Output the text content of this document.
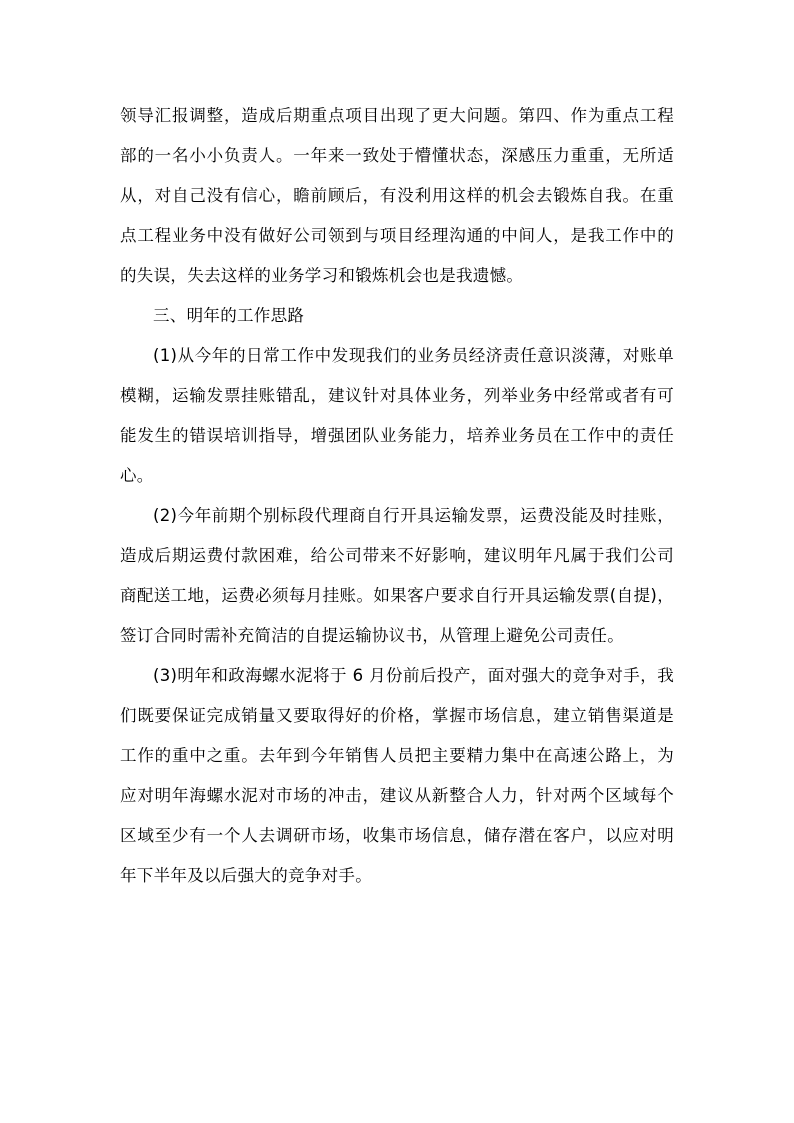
领导汇报调整，造成后期重点项目出现了更大问题。第四、作为重点工程部的一名小小负责人。一年来一致处于懵懂状态，深感压力重重，无所适从，对自己没有信心，瞻前顾后，有没利用这样的机会去锻炼自我。在重点工程业务中没有做好公司领到与项目经理沟通的中间人，是我工作中的的失误，失去这样的业务学习和锻炼机会也是我遗憾。

三、明年的工作思路

(1)从今年的日常工作中发现我们的业务员经济责任意识淡薄，对账单模糊，运输发票挂账错乱，建议针对具体业务，列举业务中经常或者有可能发生的错误培训指导，增强团队业务能力，培养业务员在工作中的责任心。

(2)今年前期个别标段代理商自行开具运输发票，运费没能及时挂账，造成后期运费付款困难，给公司带来不好影响，建议明年凡属于我们公司商配送工地，运费必须每月挂账。如果客户要求自行开具运输发票(自提)，签订合同时需补充简洁的自提运输协议书，从管理上避免公司责任。

(3)明年和政海螺水泥将于 6 月份前后投产，面对强大的竞争对手，我们既要保证完成销量又要取得好的价格，掌握市场信息，建立销售渠道是工作的重中之重。去年到今年销售人员把主要精力集中在高速公路上，为应对明年海螺水泥对市场的冲击，建议从新整合人力，针对两个区域每个区域至少有一个人去调研市场，收集市场信息，储存潜在客户，以应对明年下半年及以后强大的竞争对手。
